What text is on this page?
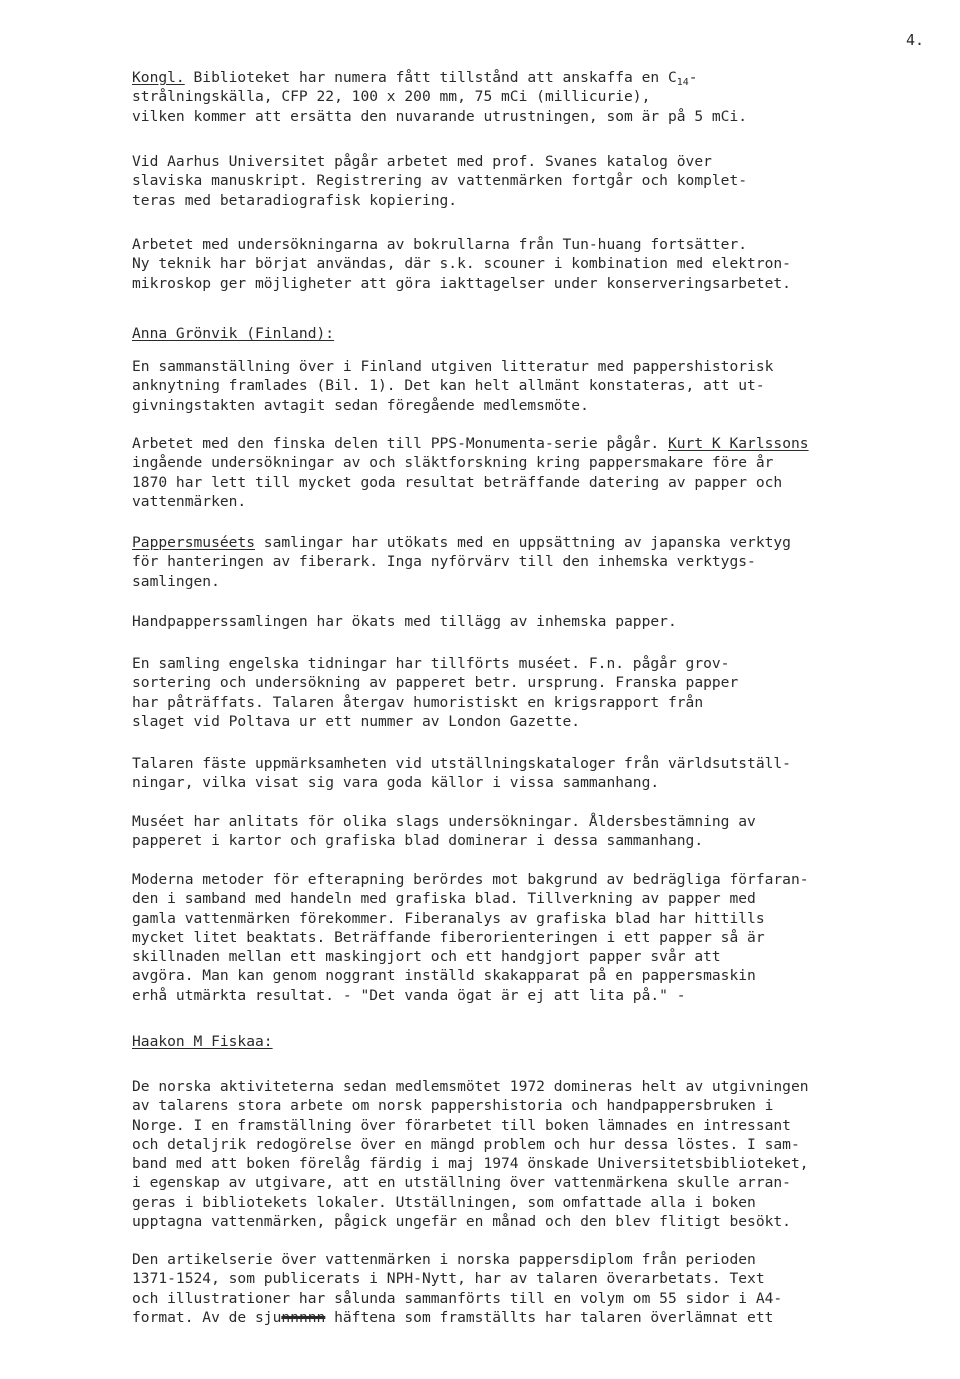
4.
Kongl. Biblioteket har numera fått tillstånd att anskaffa en $C_{14}-$
strålningskälla, CFP 22, 100 x 200 mm, 75 mCi (millicurie),
vilken kommer att ersätta den nuvarande utrustningen, som är på 5 mCi.
Vid Aarhus Universitet pågår arbetet med prof. Svanes katalog över
slaviska manuskript. Registrering av vattenmärken fortgår och komplet-
teras med betaradiografisk kopiering.
Arbetet med undersökningarna av bokrullarna från Tun-huang fortsätter.
Ny teknik har börjat användas, där s.k. scouner i kombination med elektron-
mikroskop ger möjligheter att göra iakttagelser under konserveringsarbetet.
Anna Grönvik (Finland):
En sammanställning över i Finland utgiven litteratur med pappershistorisk
anknytning framlades (Bil. 1). Det kan helt allmänt konstateras, att ut-
givningstakten avtagit sedan föregående medlemsmöte.
Arbetet med den finska delen till PPS-Monumenta-serie pågår. Kurt K Karlssons
ingående undersökningar av och släktforskning kring pappersmakare före år
1870 har lett till mycket goda resultat beträffande datering av papper och
vattenmärken.
Pappersmuséets samlingar har utökats med en uppsättning av japanska verktyg
för hanteringen av fiberark. Inga nyförvärv till den inhemska verktygs-
samlingen.
Handpapperssamlingen har ökats med tillägg av inhemska papper.
En samling engelska tidningar har tillförts muséet. F.n. pågår grov-
sortering och undersökning av papperet betr. ursprung. Franska papper
har påträffats. Talaren återgav humoristiskt en krigsrapport från
slaget vid Poltava ur ett nummer av London Gazette.
Talaren fäste uppmärksamheten vid utställningskataloger från världsutställ-
ningar, vilka visat sig vara goda källor i vissa sammanhang.
Muséet har anlitats för olika slags undersökningar. Åldersbestämning av
papperet i kartor och grafiska blad dominerar i dessa sammanhang.
Moderna metoder för efterapning berördes mot bakgrund av bedrägliga förfaran-
den i samband med handeln med grafiska blad. Tillverkning av papper med
gamla vattenmärken förekommer. Fiberanalys av grafiska blad har hittills
mycket litet beaktats. Beträffande fiberorienteringen i ett papper så är
skillnaden mellan ett maskingjort och ett handgjort papper svår att
avgöra. Man kan genom noggrant inställd skakapparat på en pappersmaskin
erhå utmärkta resultat. - "Det vanda ögat är ej att lita på." -
Haakon M Fiskaa:
De norska aktiviteterna sedan medlemsmötet 1972 domineras helt av utgivningen
av talarens stora arbete om norsk pappershistoria och handpappersbruken i
Norge. I en framställning över förarbetet till boken lämnades en intressant
och detaljrik redogörelse över en mängd problem och hur dessa löstes. I sam-
band med att boken förelåg färdig i maj 1974 önskade Universitetsbiblioteket,
i egenskap av utgivare, att en utställning över vattenmärkena skulle arran-
geras i bibliotekets lokaler. Utställningen, som omfattade alla i boken
upptagna vattenmärken, pågick ungefär en månad och den blev flitigt besökt.
Den artikelserie över vattenmärken i norska pappersdiplom från perioden
1371-1524, som publicerats i NPH-Nytt, har av talaren överarbetats. Text
och illustrationer har sålunda sammanförts till en volym om 55 sidor i A4-
format. Av de sjunnnnn häftena som framställts har talaren överlämnat ett
